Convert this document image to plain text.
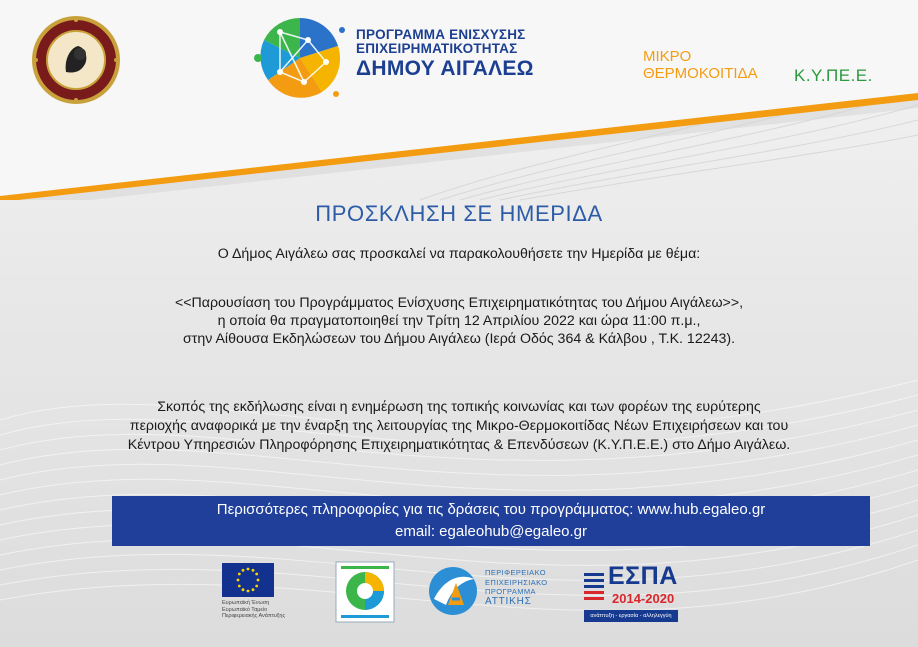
ΠΡΟΓΡΑΜΜΑ ΕΝΙΣΧΥΣΗΣ
ΕΠΙΧΕΙΡΗΜΑΤΙΚΟΤΗΤΑΣ
ΔΗΜΟΥ ΑΙΓΑΛΕΩ
ΜΙΚΡΟ
ΘΕΡΜΟΚΟΙΤΙΔΑ Κ.Υ.ΠΕ.Ε.
ΠΡΟΣΚΛΗΣΗ ΣΕ ΗΜΕΡΙΔΑ
Ο Δήμος Αιγάλεω σας προσκαλεί να παρακολουθήσετε την Ημερίδα με θέμα:
<<Παρουσίαση του Προγράμματος Ενίσχυσης Επιχειρηματικότητας του Δήμου Αιγάλεω>>,
η οποία θα πραγματοποιηθεί την Τρίτη 12 Απριλίου 2022 και ώρα 11:00 π.μ.,
στην Αίθουσα Εκδηλώσεων του Δήμου Αιγάλεω (Ιερά Οδός 364 & Κάλβου , Τ.Κ. 12243).
Σκοπός της εκδήλωσης είναι η ενημέρωση της τοπικής κοινωνίας και των φορέων της ευρύτερης
περιοχής αναφορικά με την έναρξη της λειτουργίας της Μικρο-Θερμοκοιτίδας Νέων Επιχειρήσεων και του
Κέντρου Υπηρεσιών Πληροφόρησης Επιχειρηματικότητας & Επενδύσεων (Κ.Υ.Π.Ε.Ε.) στο Δήμο Αιγάλεω.
Περισσότερες πληροφορίες για τις δράσεις του προγράμματος: www.hub.egaleo.gr
email: egaleohub@egaleo.gr
Ευρωπαϊκή Ένωση
Ευρωπαϊκό Ταμείο
Περιφερειακής Ανάπτυξης
ΠΕΡΙΦΕΡΕΙΑΚΟ
ΕΠΙΧΕΙΡΗΣΙΑΚΟ
ΠΡΟΓΡΑΜΜΑ
ΑΤΤΙΚΗΣ
ΕΣΠΑ
2014-2020
ανάπτυξη - εργασία - αλληλεγγύη
